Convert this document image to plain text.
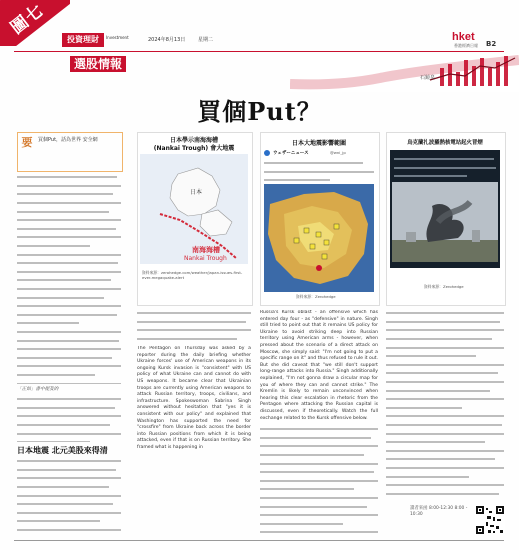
圖七
投資理財	Investment	2024年8月13日	星期二	hket
香港經濟日報 B2
選股情報
石鏡泉
買個Put？
要	買個Put，話為世界 安全網
「正如」書中提及的
日本地震 北元美股來得清
日本學示南海海槽
(Nankai Trough) 會大地震
日本
南海海槽
Nankai Trough
資料來源：zerohedge.com/weather/japan-issues-first-ever-megaquake-alert
日本大地震影響範圍
ウェザーニュース	@wni_jp
資料來源：Zerohedge
烏克蘭扎波羅熱核電站起火冒煙
資料來源：Zerohedge
The Pentagon on Thursday was asked by a reporter during the daily briefing whether Ukraine forces' use of American weapons in its ongoing Kursk invasion is "consistent" with US policy of what Ukraine can and cannot do with US weapons. It became clear that Ukrainian troops are currently using American weapons to attack Russian territory, troops, civilians, and infrastructure. Spokeswoman Sabrina Singh answered without hesitation that "yes it is consistent with our policy" and explained that Washington has supported the need for "crossfire" from Ukraine back across the border into Russian positions from which it is being attacked, even if that is on Russian territory. She framed what is happening in
Russia's Kursk oblast - an offensive which has entered day four - as "defensive" in nature. Singh still tried to point out that it remains US policy for Ukraine to avoid striking deep into Russian territory using American arms - however, when pressed about the scenario of a direct attack on Moscow, she simply said: "I'm not going to put a specific range on it" and thus refused to rule it out. But she did caveat that "we still don't support long-range attacks into Russia." Singh additionally explained, "I'm not gonna draw a circular map for you of where they can and cannot strike." The Kremlin is likely to remain unconvinced when hearing this clear escalation in rhetoric from the Pentagon where attacking the Russian capital is discussed, even if theoretically. Watch the full exchange related to the Kursk offensive below.
讀者來函 8:00-12:30 8:00 - 10:30
